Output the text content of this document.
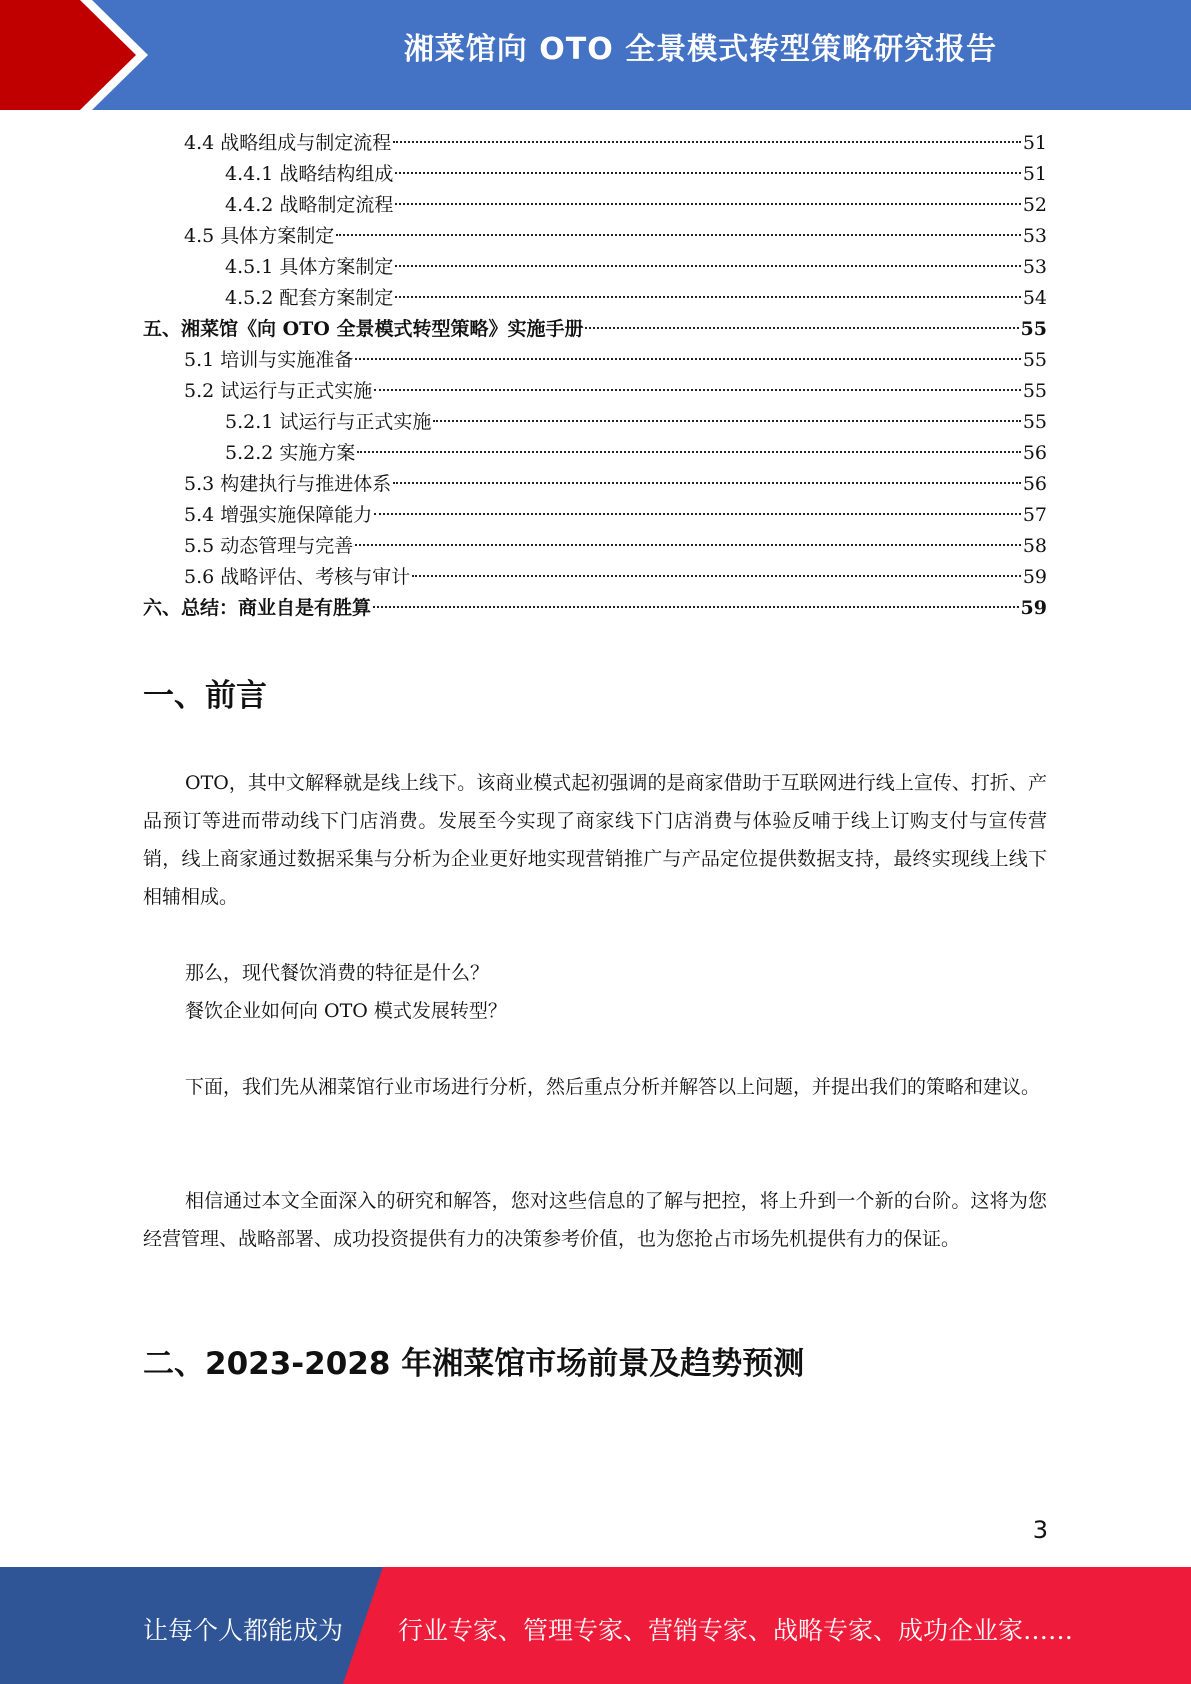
湘菜馆向 OTO 全景模式转型策略研究报告
4.4 战略组成与制定流程	51
4.4.1 战略结构组成	51
4.4.2 战略制定流程	52
4.5 具体方案制定	53
4.5.1 具体方案制定	53
4.5.2 配套方案制定	54
五、湘菜馆《向 OTO 全景模式转型策略》实施手册	55
5.1 培训与实施准备	55
5.2 试运行与正式实施	55
5.2.1 试运行与正式实施	55
5.2.2 实施方案	56
5.3 构建执行与推进体系	56
5.4 增强实施保障能力	57
5.5 动态管理与完善	58
5.6 战略评估、考核与审计	59
六、总结：商业自是有胜算	59
一、前言

OTO，其中文解释就是线上线下。该商业模式起初强调的是商家借助于互联网进行线上宣传、打折、产品预订等进而带动线下门店消费。发展至今实现了商家线下门店消费与体验反哺于线上订购支付与宣传营销，线上商家通过数据采集与分析为企业更好地实现营销推广与产品定位提供数据支持，最终实现线上线下相辅相成。

那么，现代餐饮消费的特征是什么？
餐饮企业如何向 OTO 模式发展转型？

下面，我们先从湘菜馆行业市场进行分析，然后重点分析并解答以上问题，并提出我们的策略和建议。

相信通过本文全面深入的研究和解答，您对这些信息的了解与把控，将上升到一个新的台阶。这将为您经营管理、战略部署、成功投资提供有力的决策参考价值，也为您抢占市场先机提供有力的保证。

二、2023-2028 年湘菜馆市场前景及趋势预测
3
让每个人都能成为 行业专家、管理专家、营销专家、战略专家、成功企业家……
